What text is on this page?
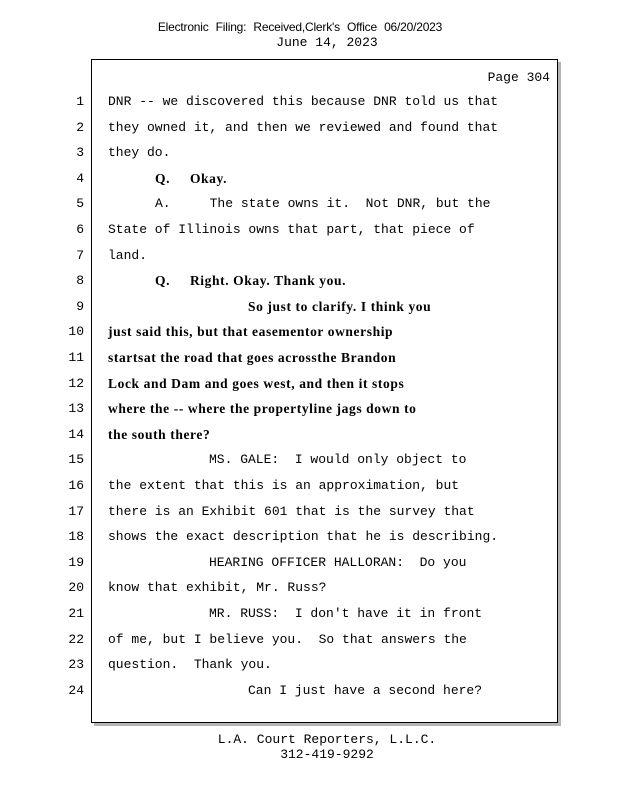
Electronic Filing: Received,Clerk's Office 06/20/2023
June 14, 2023
Page 304
1 DNR -- we discovered this because DNR told us that
2 they owned it, and then we reviewed and found that
3 they do.
4	Q.     Okay.
5	A.     The state owns it.  Not DNR, but the
6 State of Illinois owns that part, that piece of
7 land.
8	Q.     Right. Okay. Thank you.
9	So just to clarify. I think you
10 just said this, but that easementor ownership
11 startsat the road that goes acrossthe Brandon
12 Lock and Dam and goes west, and then it stops
13 where the -- where the propertyline jags down to
14 the south there?
15	MS. GALE:  I would only object to
16 the extent that this is an approximation, but
17 there is an Exhibit 601 that is the survey that
18 shows the exact description that he is describing.
19	HEARING OFFICER HALLORAN:  Do you
20 know that exhibit, Mr. Russ?
21	MR. RUSS:  I don't have it in front
22 of me, but I believe you.  So that answers the
23 question.  Thank you.
24	Can I just have a second here?
L.A. Court Reporters, L.L.C.
312-419-9292
